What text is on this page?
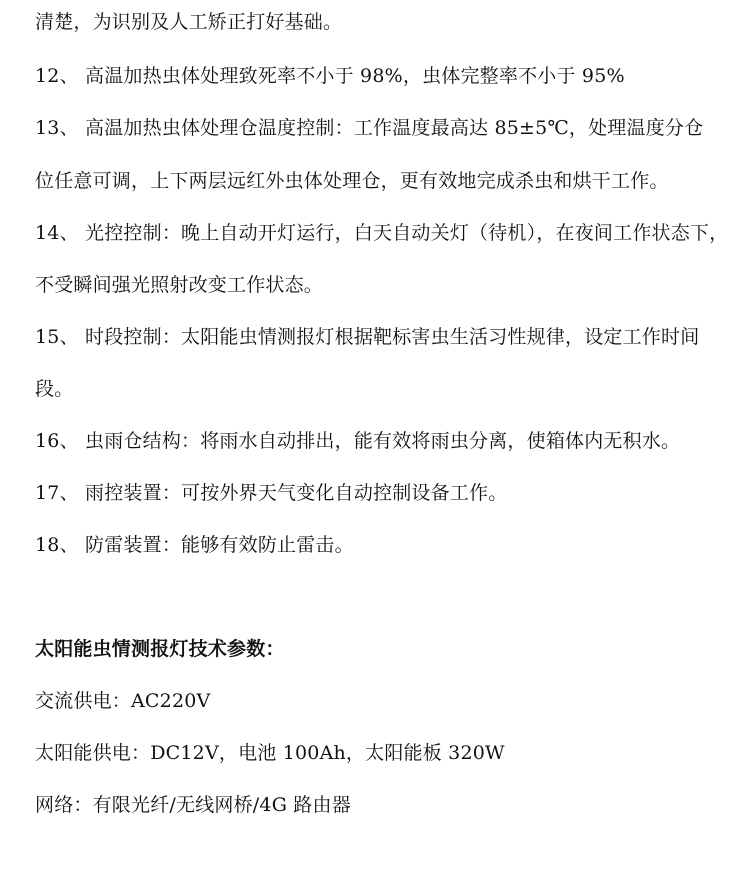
清楚，为识别及人工矫正打好基础。
12、 高温加热虫体处理致死率不小于 98%，虫体完整率不小于 95%
13、 高温加热虫体处理仓温度控制：工作温度最高达 85±5℃，处理温度分仓
位任意可调，上下两层远红外虫体处理仓，更有效地完成杀虫和烘干工作。
14、 光控控制：晚上自动开灯运行，白天自动关灯（待机），在夜间工作状态下，
不受瞬间强光照射改变工作状态。
15、 时段控制：太阳能虫情测报灯根据靶标害虫生活习性规律，设定工作时间
段。
16、 虫雨仓结构：将雨水自动排出，能有效将雨虫分离，使箱体内无积水。
17、 雨控装置：可按外界天气变化自动控制设备工作。
18、 防雷装置：能够有效防止雷击。
太阳能虫情测报灯技术参数：
交流供电：AC220V
太阳能供电：DC12V，电池 100Ah，太阳能板 320W
网络：有限光纤/无线网桥/4G 路由器
